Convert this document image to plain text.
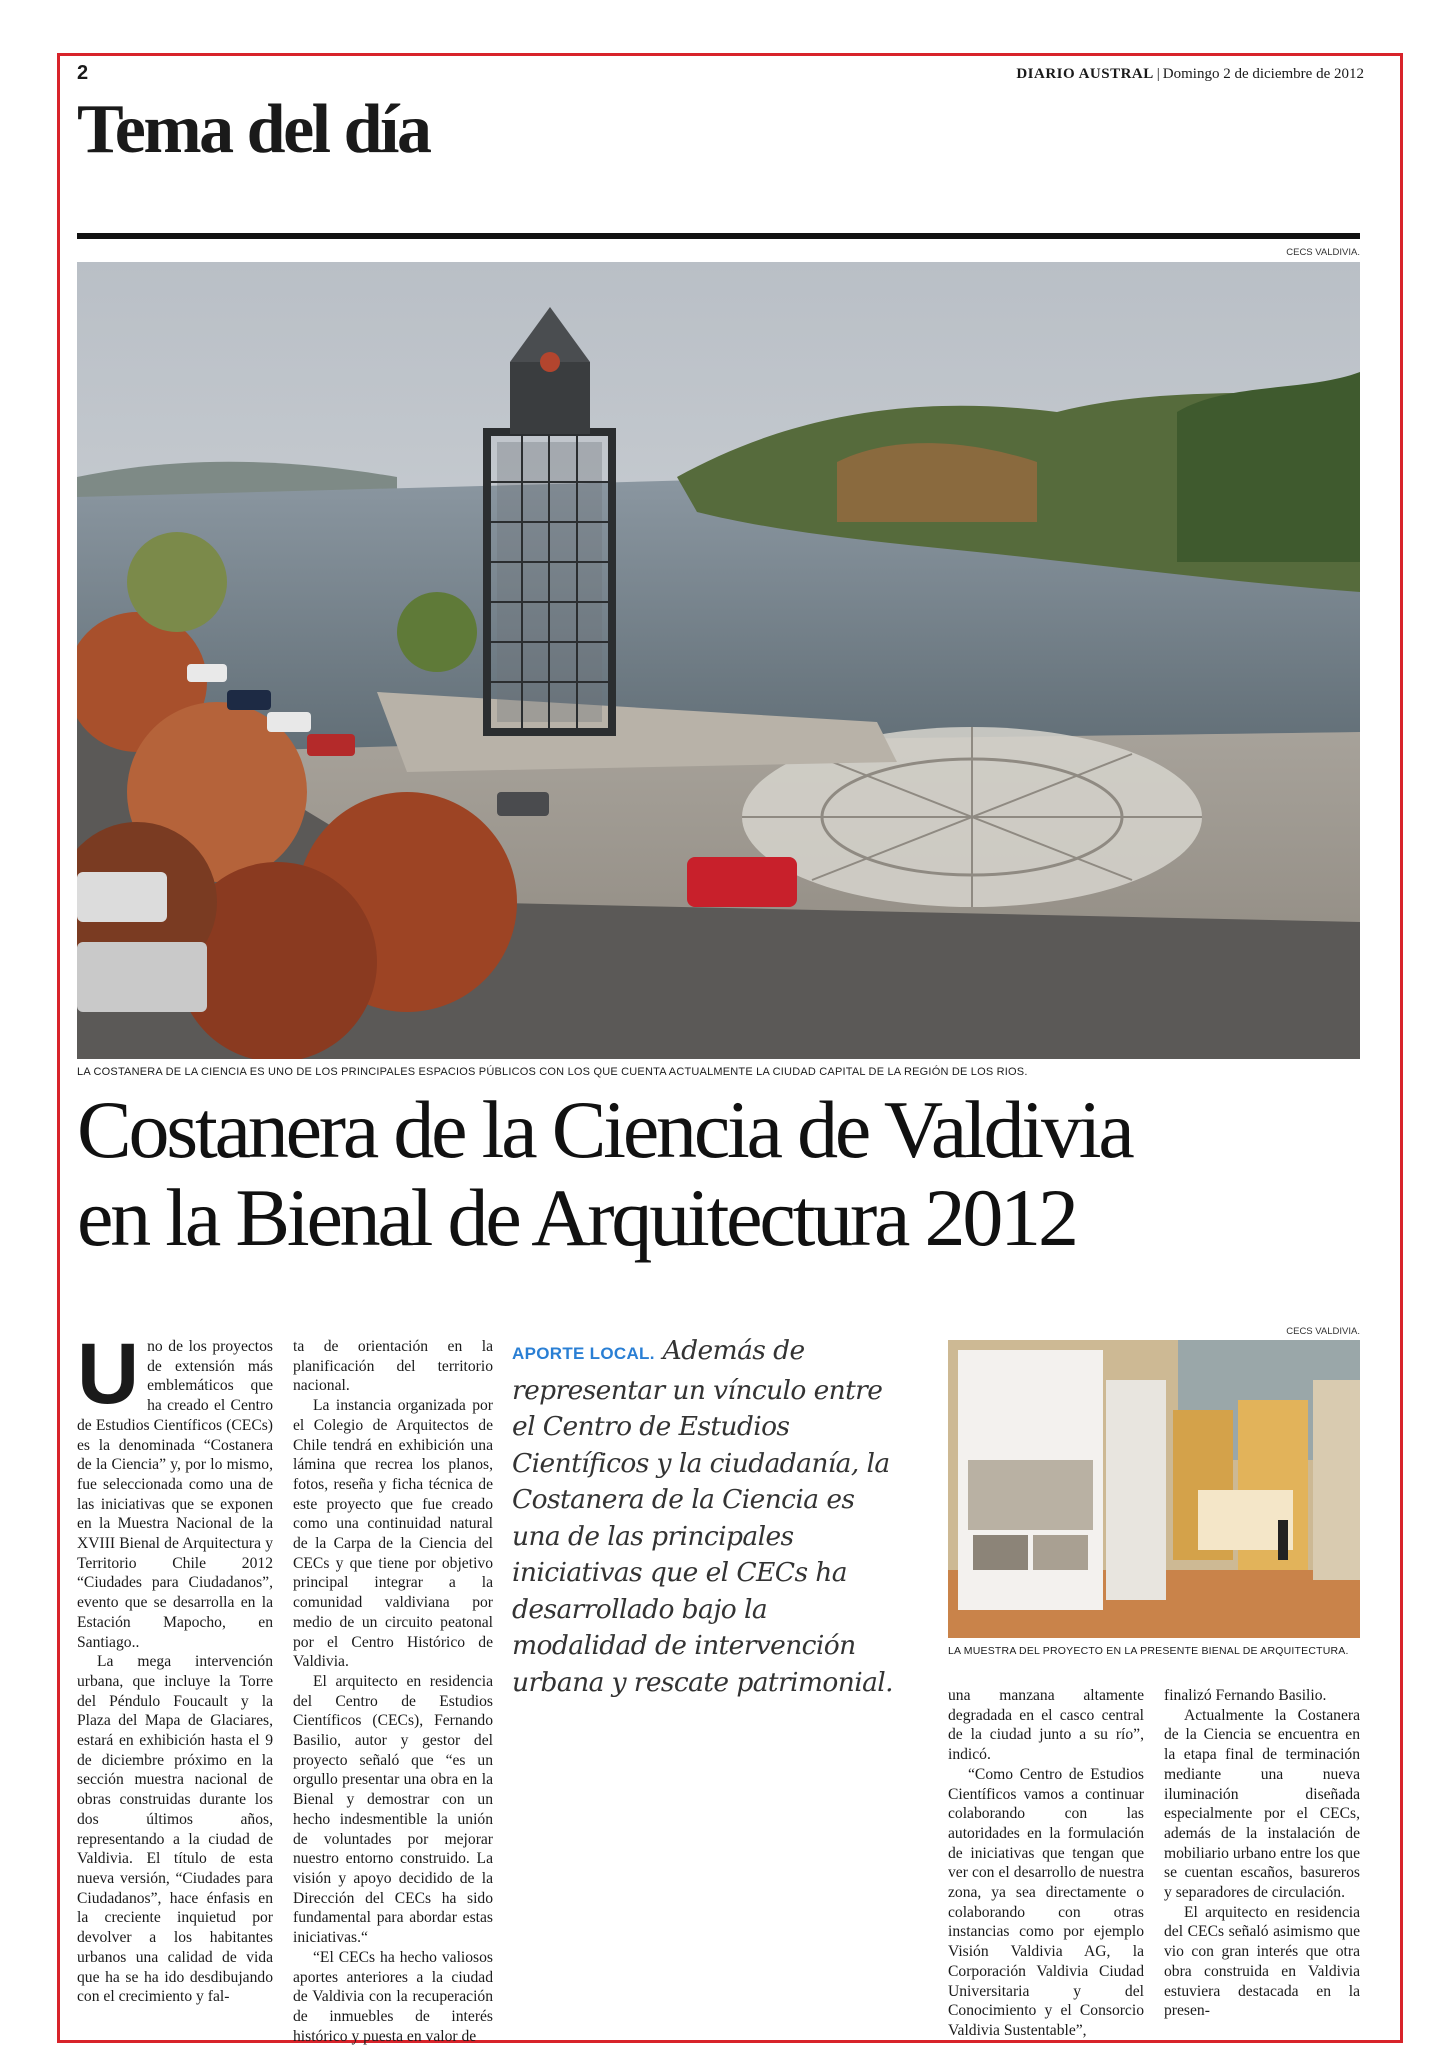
2	DIARIO AUSTRAL | Domingo 2 de diciembre de 2012
Tema del día
CECS VALDIVIA.
LA COSTANERA DE LA CIENCIA ES UNO DE LOS PRINCIPALES ESPACIOS PÚBLICOS CON LOS QUE CUENTA ACTUALMENTE LA CIUDAD CAPITAL DE LA REGIÓN DE LOS RIOS.
Costanera de la Ciencia de Valdivia
en la Bienal de Arquitectura 2012
U no de los proyectos de extensión más emblemáticos que ha creado el Centro de Estudios Científicos (CECs) es la denominada “Costanera de la Ciencia” y, por lo mismo, fue seleccionada como una de las iniciativas que se exponen en la Muestra Nacional de la XVIII Bienal de Arquitectura y Territorio Chile 2012 “Ciudades para Ciudadanos”, evento que se desarrolla en la Estación Mapocho, en Santiago..

La mega intervención urbana, que incluye la Torre del Péndulo Foucault y la Plaza del Mapa de Glaciares, estará en exhibición hasta el 9 de diciembre próximo en la sección muestra nacional de obras construidas durante los dos últimos años, representando a la ciudad de Valdivia. El título de esta nueva versión, “Ciudades para Ciudadanos”, hace énfasis en la creciente inquietud por devolver a los habitantes urbanos una calidad de vida que ha se ha ido desdibujando con el crecimiento y fal-

ta de orientación en la planificación del territorio nacional.

La instancia organizada por el Colegio de Arquitectos de Chile tendrá en exhibición una lámina que recrea los planos, fotos, reseña y ficha técnica de este proyecto que fue creado como una continuidad natural de la Carpa de la Ciencia del CECs y que tiene por objetivo principal integrar a la comunidad valdiviana por medio de un circuito peatonal por el Centro Histórico de Valdivia.

El arquitecto en residencia del Centro de Estudios Científicos (CECs), Fernando Basilio, autor y gestor del proyecto señaló que “es un orgullo presentar una obra en la Bienal y demostrar con un hecho indesmentible la unión de voluntades por mejorar nuestro entorno construido. La visión y apoyo decidido de la Dirección del CECs ha sido fundamental para abordar estas iniciativas.“

“El CECs ha hecho valiosos aportes anteriores a la ciudad de Valdivia con la recuperación de inmuebles de interés histórico y puesta en valor de

APORTE LOCAL. Además de representar un vínculo entre el Centro de Estudios Científicos y la ciudadanía, la Costanera de la Ciencia es una de las principales iniciativas que el CECs ha desarrollado bajo la modalidad de intervención urbana y rescate patrimonial.
CECS VALDIVIA.
LA MUESTRA DEL PROYECTO EN LA PRESENTE BIENAL DE ARQUITECTURA.

una manzana altamente degradada en el casco central de la ciudad junto a su río”, indicó.

“Como Centro de Estudios Científicos vamos a continuar colaborando con las autoridades en la formulación de iniciativas que tengan que ver con el desarrollo de nuestra zona, ya sea directamente o colaborando con otras instancias como por ejemplo Visión Valdivia AG, la Corporación Valdivia Ciudad Universitaria y del Conocimiento y el Consorcio Valdivia Sustentable”,

finalizó Fernando Basilio.

Actualmente la Costanera de la Ciencia se encuentra en la etapa final de terminación mediante una nueva iluminación diseñada especialmente por el CECs, además de la instalación de mobiliario urbano entre los que se cuentan escaños, basureros y separadores de circulación.

El arquitecto en residencia del CECs señaló asimismo que vio con gran interés que otra obra construida en Valdivia estuviera destacada en la presen-
